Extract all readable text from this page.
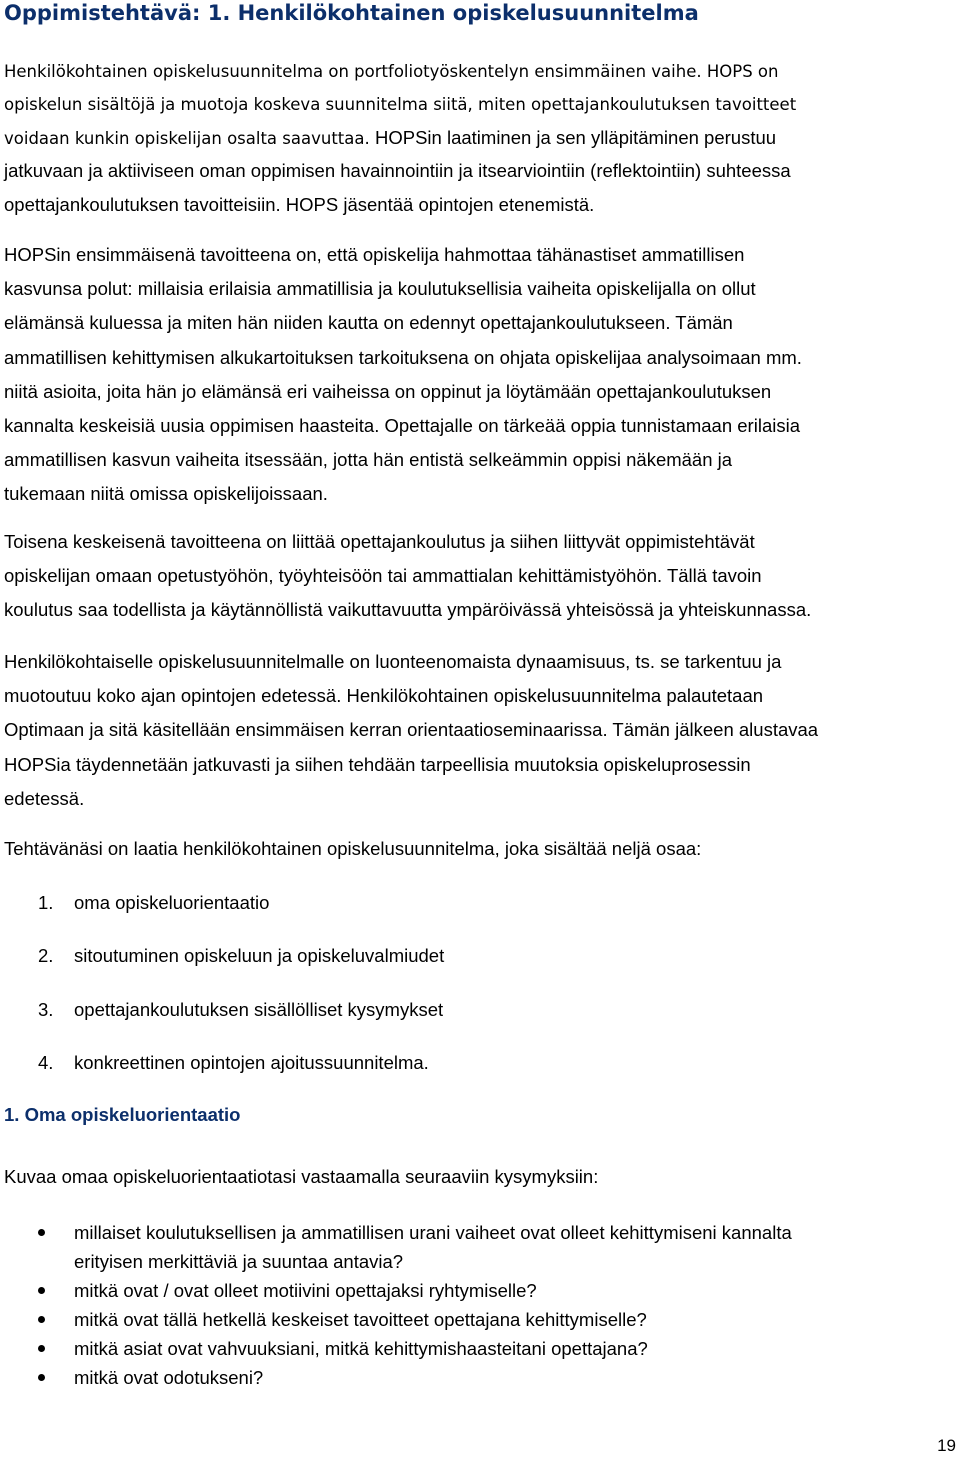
Oppimistehtävä: 1. Henkilökohtainen opiskelusuunnitelma
Henkilökohtainen opiskelusuunnitelma on portfoliotyöskentelyn ensimmäinen vaihe. HOPS on
opiskelun sisältöjä ja muotoja koskeva suunnitelma siitä, miten opettajankoulutuksen tavoitteet
voidaan kunkin opiskelijan osalta saavuttaa. HOPSin laatiminen ja sen ylläpitäminen perustuu
jatkuvaan ja aktiiviseen oman oppimisen havainnointiin ja itsearviointiin (reflektointiin) suhteessa
opettajankoulutuksen tavoitteisiin. HOPS jäsentää opintojen etenemistä.
HOPSin ensimmäisenä tavoitteena on, että opiskelija hahmottaa tähänastiset ammatillisen
kasvunsa polut: millaisia erilaisia ammatillisia ja koulutuksellisia vaiheita opiskelijalla on ollut
elämänsä kuluessa ja miten hän niiden kautta on edennyt opettajankoulutukseen. Tämän
ammatillisen kehittymisen alkukartoituksen tarkoituksena on ohjata opiskelijaa analysoimaan mm.
niitä asioita, joita hän jo elämänsä eri vaiheissa on oppinut ja löytämään opettajankoulutuksen
kannalta keskeisiä uusia oppimisen haasteita. Opettajalle on tärkeää oppia tunnistamaan erilaisia
ammatillisen kasvun vaiheita itsessään, jotta hän entistä selkeämmin oppisi näkemään ja
tukemaan niitä omissa opiskelijoissaan.
Toisena keskeisenä tavoitteena on liittää opettajankoulutus ja siihen liittyvät oppimistehtävät
opiskelijan omaan opetustyöhön, työyhteisöön tai ammattialan kehittämistyöhön. Tällä tavoin
koulutus saa todellista ja käytännöllistä vaikuttavuutta ympäröivässä yhteisössä ja yhteiskunnassa.
Henkilökohtaiselle opiskelusuunnitelmalle on luonteenomaista dynaamisuus, ts. se tarkentuu ja
muotoutuu koko ajan opintojen edetessä. Henkilökohtainen opiskelusuunnitelma palautetaan
Optimaan ja sitä käsitellään ensimmäisen kerran orientaatioseminaarissa. Tämän jälkeen alustavaa
HOPSia täydennetään jatkuvasti ja siihen tehdään tarpeellisia muutoksia opiskeluprosessin
edetessä.
Tehtävänäsi on laatia henkilökohtainen opiskelusuunnitelma, joka sisältää neljä osaa:
1. oma opiskeluorientaatio
2. sitoutuminen opiskeluun ja opiskeluvalmiudet
3. opettajankoulutuksen sisällölliset kysymykset
4. konkreettinen opintojen ajoitussuunnitelma.
1. Oma opiskeluorientaatio
Kuvaa omaa opiskeluorientaatiotasi vastaamalla seuraaviin kysymyksiin:
millaiset koulutuksellisen ja ammatillisen urani vaiheet ovat olleet kehittymiseni kannalta
erityisen merkittäviä ja suuntaa antavia?
mitkä ovat / ovat olleet motiivini opettajaksi ryhtymiselle?
mitkä ovat tällä hetkellä keskeiset tavoitteet opettajana kehittymiselle?
mitkä asiat ovat vahvuuksiani, mitkä kehittymishaasteitani opettajana?
mitkä ovat odotukseni?
19
